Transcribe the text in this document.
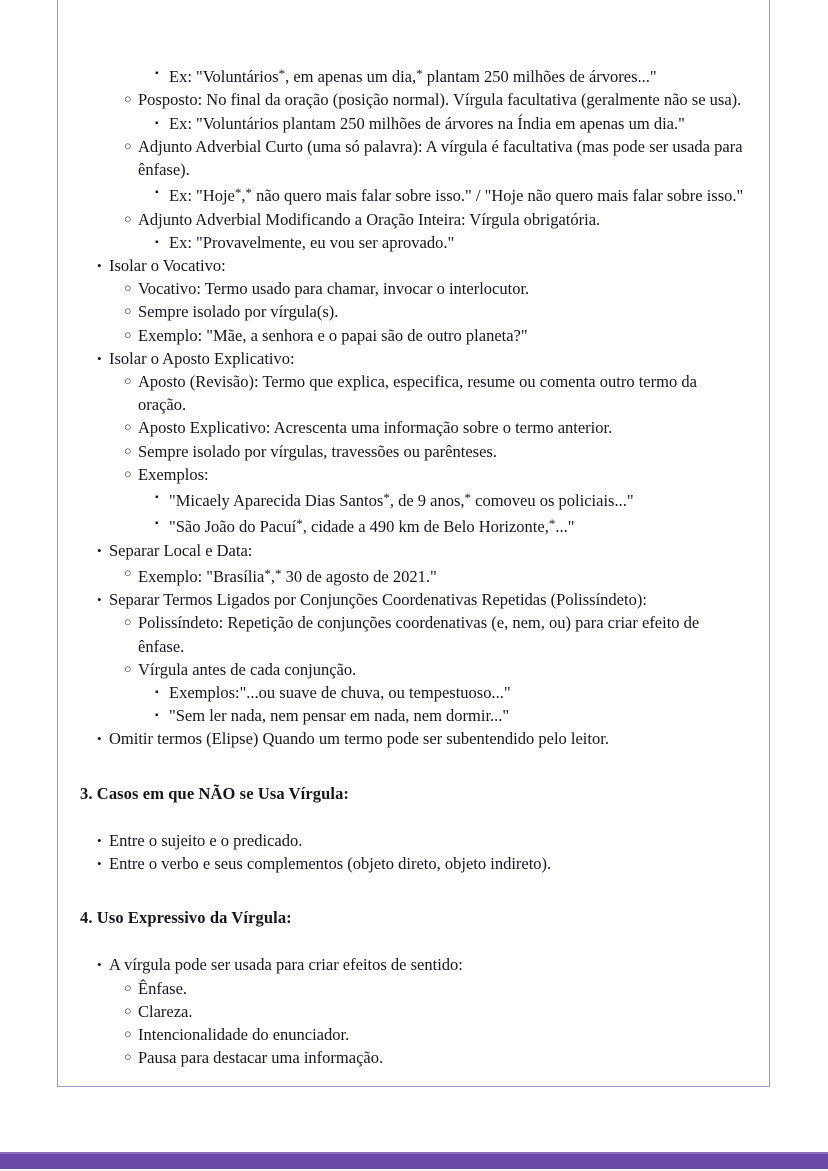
▪ Ex: "Voluntários*, em apenas um dia,* plantam 250 milhões de árvores..."
○ Posposto: No final da oração (posição normal). Vírgula facultativa (geralmente não se usa).
▪ Ex: "Voluntários plantam 250 milhões de árvores na Índia em apenas um dia."
○ Adjunto Adverbial Curto (uma só palavra): A vírgula é facultativa (mas pode ser usada para ênfase).
▪ Ex: "Hoje*,* não quero mais falar sobre isso." / "Hoje não quero mais falar sobre isso."
○ Adjunto Adverbial Modificando a Oração Inteira: Vírgula obrigatória.
▪ Ex: "Provavelmente, eu vou ser aprovado."
• Isolar o Vocativo:
○ Vocativo: Termo usado para chamar, invocar o interlocutor.
○ Sempre isolado por vírgula(s).
○ Exemplo: "Mãe, a senhora e o papai são de outro planeta?"
• Isolar o Aposto Explicativo:
○ Aposto (Revisão): Termo que explica, especifica, resume ou comenta outro termo da oração.
○ Aposto Explicativo: Acrescenta uma informação sobre o termo anterior.
○ Sempre isolado por vírgulas, travessões ou parênteses.
○ Exemplos:
▪ "Micaely Aparecida Dias Santos*, de 9 anos,* comoveu os policiais..."
▪ "São João do Pacuí*, cidade a 490 km de Belo Horizonte,*..."
• Separar Local e Data:
○ Exemplo: "Brasília*,* 30 de agosto de 2021."
• Separar Termos Ligados por Conjunções Coordenativas Repetidas (Polissíndeto):
○ Polissíndeto: Repetição de conjunções coordenativas (e, nem, ou) para criar efeito de ênfase.
○ Vírgula antes de cada conjunção.
▪ Exemplos:"...ou suave de chuva, ou tempestuoso..."
▪ "Sem ler nada, nem pensar em nada, nem dormir..."
• Omitir termos (Elipse) Quando um termo pode ser subentendido pelo leitor.
3. Casos em que NÃO se Usa Vírgula:
• Entre o sujeito e o predicado.
• Entre o verbo e seus complementos (objeto direto, objeto indireto).
4. Uso Expressivo da Vírgula:
• A vírgula pode ser usada para criar efeitos de sentido:
○ Ênfase.
○ Clareza.
○ Intencionalidade do enunciador.
○ Pausa para destacar uma informação.
